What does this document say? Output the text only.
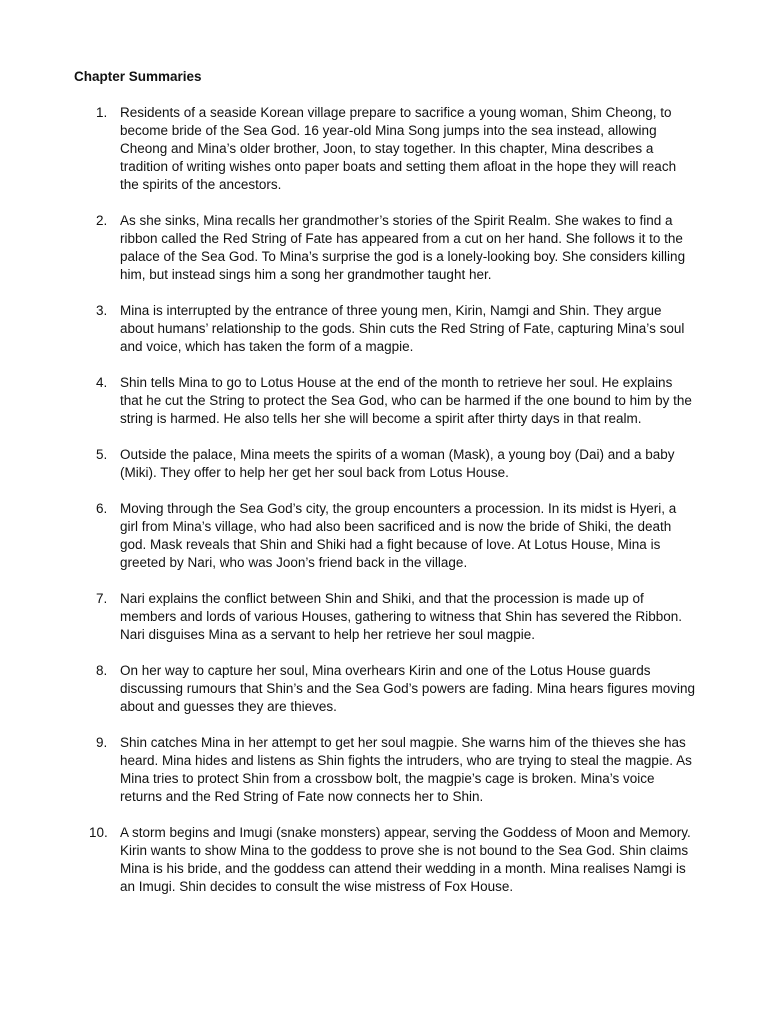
Chapter Summaries
1. Residents of a seaside Korean village prepare to sacrifice a young woman, Shim Cheong, to become bride of the Sea God. 16 year-old Mina Song jumps into the sea instead, allowing Cheong and Mina’s older brother, Joon, to stay together. In this chapter, Mina describes a tradition of writing wishes onto paper boats and setting them afloat in the hope they will reach the spirits of the ancestors.
2. As she sinks, Mina recalls her grandmother’s stories of the Spirit Realm. She wakes to find a ribbon called the Red String of Fate has appeared from a cut on her hand. She follows it to the palace of the Sea God. To Mina’s surprise the god is a lonely-looking boy. She considers killing him, but instead sings him a song her grandmother taught her.
3. Mina is interrupted by the entrance of three young men, Kirin, Namgi and Shin. They argue about humans’ relationship to the gods. Shin cuts the Red String of Fate, capturing Mina’s soul and voice, which has taken the form of a magpie.
4. Shin tells Mina to go to Lotus House at the end of the month to retrieve her soul. He explains that he cut the String to protect the Sea God, who can be harmed if the one bound to him by the string is harmed. He also tells her she will become a spirit after thirty days in that realm.
5. Outside the palace, Mina meets the spirits of a woman (Mask), a young boy (Dai) and a baby (Miki). They offer to help her get her soul back from Lotus House.
6. Moving through the Sea God’s city, the group encounters a procession. In its midst is Hyeri, a girl from Mina’s village, who had also been sacrificed and is now the bride of Shiki, the death god. Mask reveals that Shin and Shiki had a fight because of love. At Lotus House, Mina is greeted by Nari, who was Joon’s friend back in the village.
7. Nari explains the conflict between Shin and Shiki, and that the procession is made up of members and lords of various Houses, gathering to witness that Shin has severed the Ribbon. Nari disguises Mina as a servant to help her retrieve her soul magpie.
8. On her way to capture her soul, Mina overhears Kirin and one of the Lotus House guards discussing rumours that Shin’s and the Sea God’s powers are fading. Mina hears figures moving about and guesses they are thieves.
9. Shin catches Mina in her attempt to get her soul magpie. She warns him of the thieves she has heard. Mina hides and listens as Shin fights the intruders, who are trying to steal the magpie. As Mina tries to protect Shin from a crossbow bolt, the magpie’s cage is broken. Mina’s voice returns and the Red String of Fate now connects her to Shin.
10. A storm begins and Imugi (snake monsters) appear, serving the Goddess of Moon and Memory. Kirin wants to show Mina to the goddess to prove she is not bound to the Sea God. Shin claims Mina is his bride, and the goddess can attend their wedding in a month. Mina realises Namgi is an Imugi. Shin decides to consult the wise mistress of Fox House.
